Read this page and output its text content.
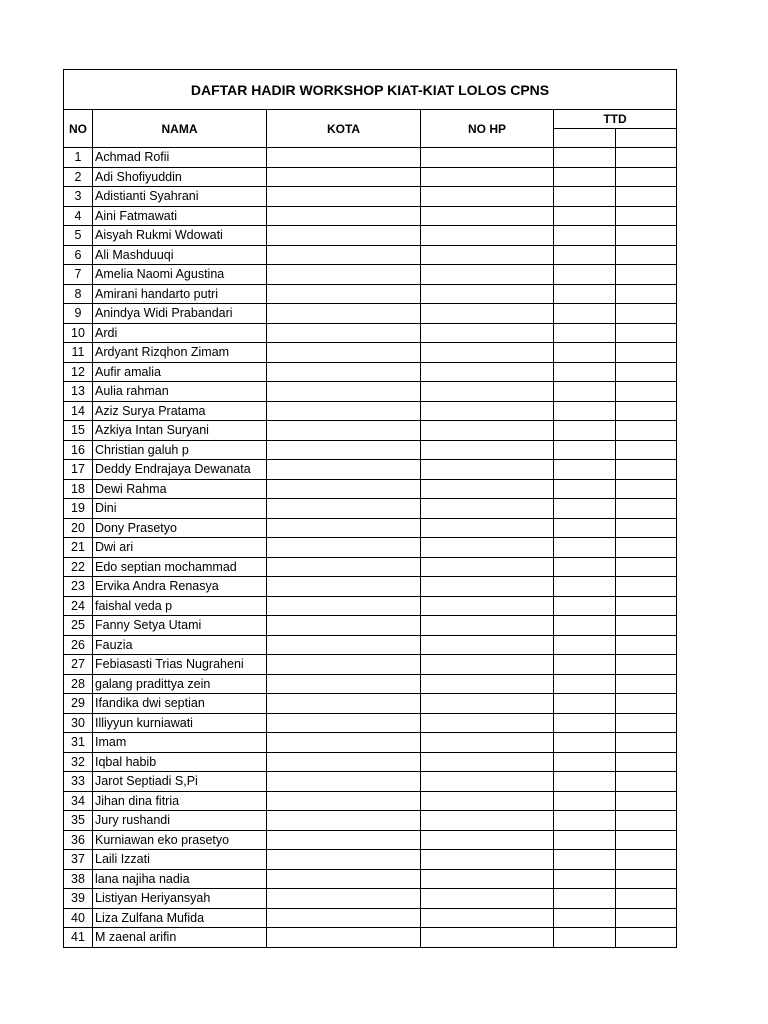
DAFTAR HADIR WORKSHOP KIAT-KIAT LOLOS CPNS					
NO	NAMA	KOTA	NO HP	TTD	

1	Achmad Rofii				
2	Adi Shofiyuddin				
3	Adistianti Syahrani				
4	Aini Fatmawati				
5	Aisyah Rukmi Wdowati				
6	Ali Mashduuqi				
7	Amelia Naomi Agustina				
8	Amirani handarto putri				
9	Anindya Widi Prabandari				
10	Ardi				
11	Ardyant Rizqhon Zimam				
12	Aufir amalia				
13	Aulia rahman				
14	Aziz Surya Pratama				
15	Azkiya Intan Suryani				
16	Christian galuh p				
17	Deddy Endrajaya Dewanata				
18	Dewi Rahma				
19	Dini				
20	Dony Prasetyo				
21	Dwi ari				
22	Edo septian mochammad				
23	Ervika Andra Renasya				
24	faishal veda p				
25	Fanny Setya Utami				
26	Fauzia				
27	Febiasasti Trias Nugraheni				
28	galang pradittya zein				
29	Ifandika dwi septian				
30	Illiyyun kurniawati				
31	Imam				
32	Iqbal habib				
33	Jarot Septiadi S,Pi				
34	Jihan dina fitria				
35	Jury rushandi				
36	Kurniawan eko prasetyo				
37	Laili Izzati				
38	lana najiha nadia				
39	Listiyan Heriyansyah				
40	Liza Zulfana Mufida				
41	M zaenal arifin				
